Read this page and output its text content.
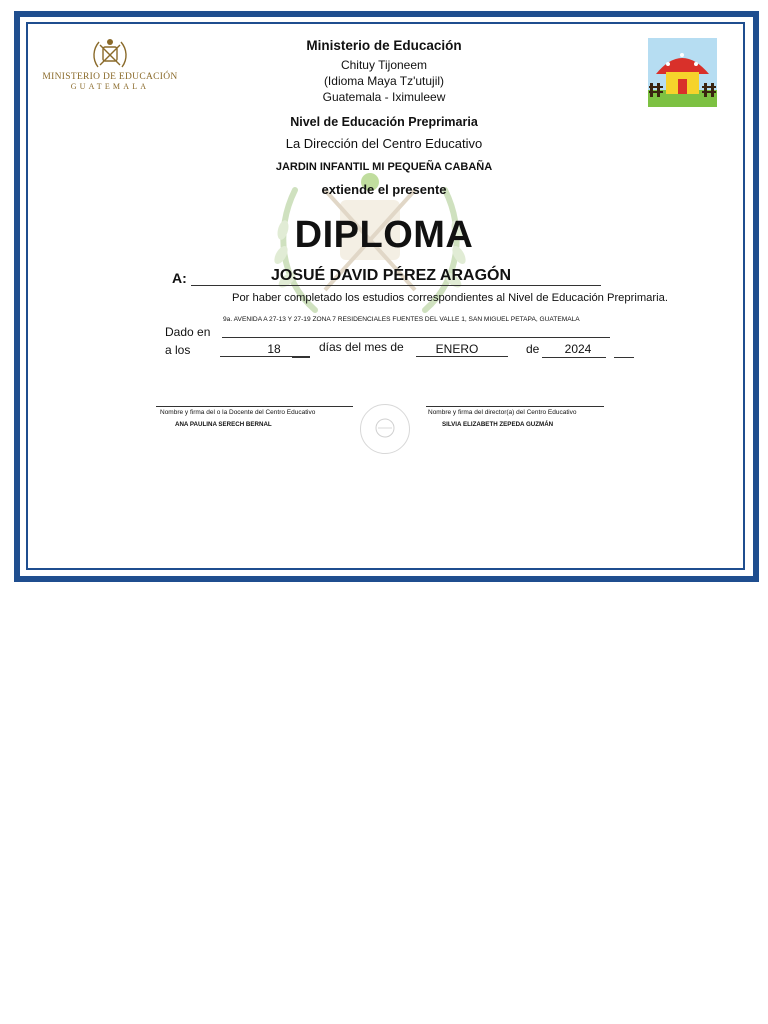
MINISTERIO DE EDUCACIÓN
GUATEMALA
Ministerio de Educación
Chituy Tijoneem
(Idioma Maya Tz'utujil)
Guatemala - Iximuleew
Nivel de Educación Preprimaria
La Dirección del Centro Educativo
JARDIN INFANTIL MI PEQUEÑA CABAÑA
extiende el presente
DIPLOMA
A:	JOSUÉ DAVID PÉREZ ARAGÓN
Por haber completado los estudios correspondientes al Nivel de Educación Preprimaria.
Dado en
9a. AVENIDA A 27-13 Y 27-19 ZONA 7 RESIDENCIALES FUENTES DEL VALLE 1, SAN MIGUEL PETAPA, GUATEMALA
a los	18	días del mes de	ENERO	de	2024
Nombre y firma del o la Docente del Centro Educativo
ANA PAULINA SERECH BERNAL
Nombre y firma del director(a) del Centro Educativo
SILVIA ELIZABETH ZEPEDA GUZMÁN
